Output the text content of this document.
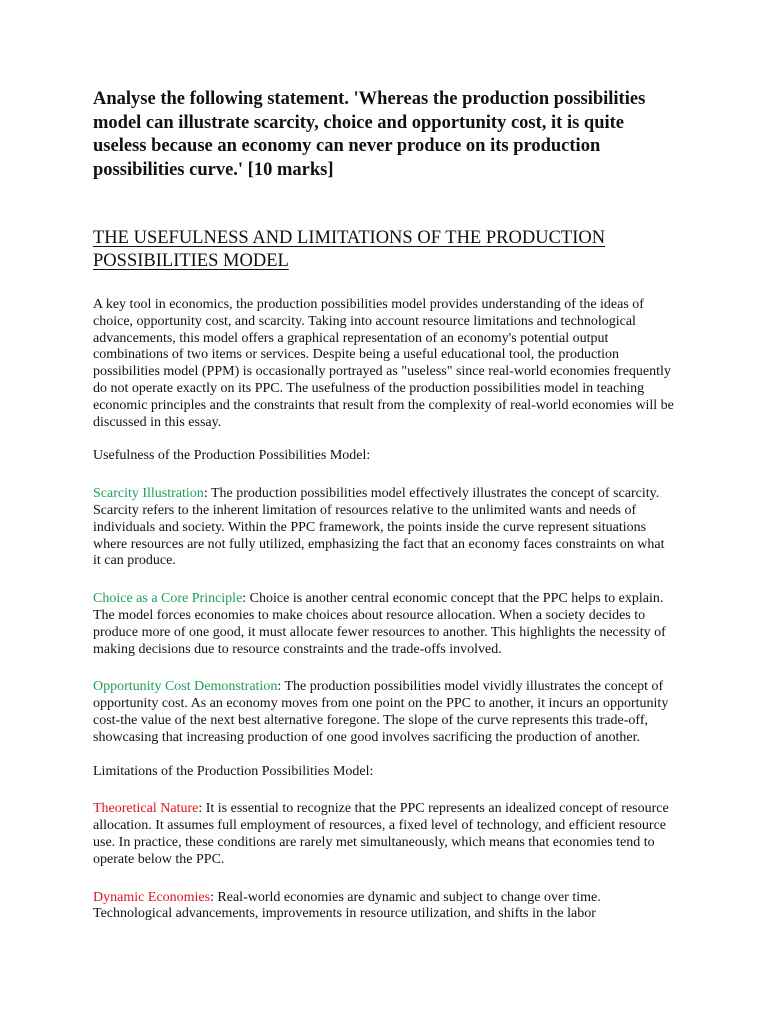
Analyse the following statement. 'Whereas the production possibilities model can illustrate scarcity, choice and opportunity cost, it is quite useless because an economy can never produce on its production possibilities curve.' [10 marks]

THE USEFULNESS AND LIMITATIONS OF THE PRODUCTION POSSIBILITIES MODEL

A key tool in economics, the production possibilities model provides understanding of the ideas of choice, opportunity cost, and scarcity. Taking into account resource limitations and technological advancements, this model offers a graphical representation of an economy's potential output combinations of two items or services. Despite being a useful educational tool, the production possibilities model (PPM) is occasionally portrayed as "useless" since real-world economies frequently do not operate exactly on its PPC. The usefulness of the production possibilities model in teaching economic principles and the constraints that result from the complexity of real-world economies will be discussed in this essay.

Usefulness of the Production Possibilities Model:

Scarcity Illustration: The production possibilities model effectively illustrates the concept of scarcity. Scarcity refers to the inherent limitation of resources relative to the unlimited wants and needs of individuals and society. Within the PPC framework, the points inside the curve represent situations where resources are not fully utilized, emphasizing the fact that an economy faces constraints on what it can produce.

Choice as a Core Principle: Choice is another central economic concept that the PPC helps to explain. The model forces economies to make choices about resource allocation. When a society decides to produce more of one good, it must allocate fewer resources to another. This highlights the necessity of making decisions due to resource constraints and the trade-offs involved.

Opportunity Cost Demonstration: The production possibilities model vividly illustrates the concept of opportunity cost. As an economy moves from one point on the PPC to another, it incurs an opportunity cost-the value of the next best alternative foregone. The slope of the curve represents this trade-off, showcasing that increasing production of one good involves sacrificing the production of another.

Limitations of the Production Possibilities Model:

Theoretical Nature: It is essential to recognize that the PPC represents an idealized concept of resource allocation. It assumes full employment of resources, a fixed level of technology, and efficient resource use. In practice, these conditions are rarely met simultaneously, which means that economies tend to operate below the PPC.

Dynamic Economies: Real-world economies are dynamic and subject to change over time. Technological advancements, improvements in resource utilization, and shifts in the labor
